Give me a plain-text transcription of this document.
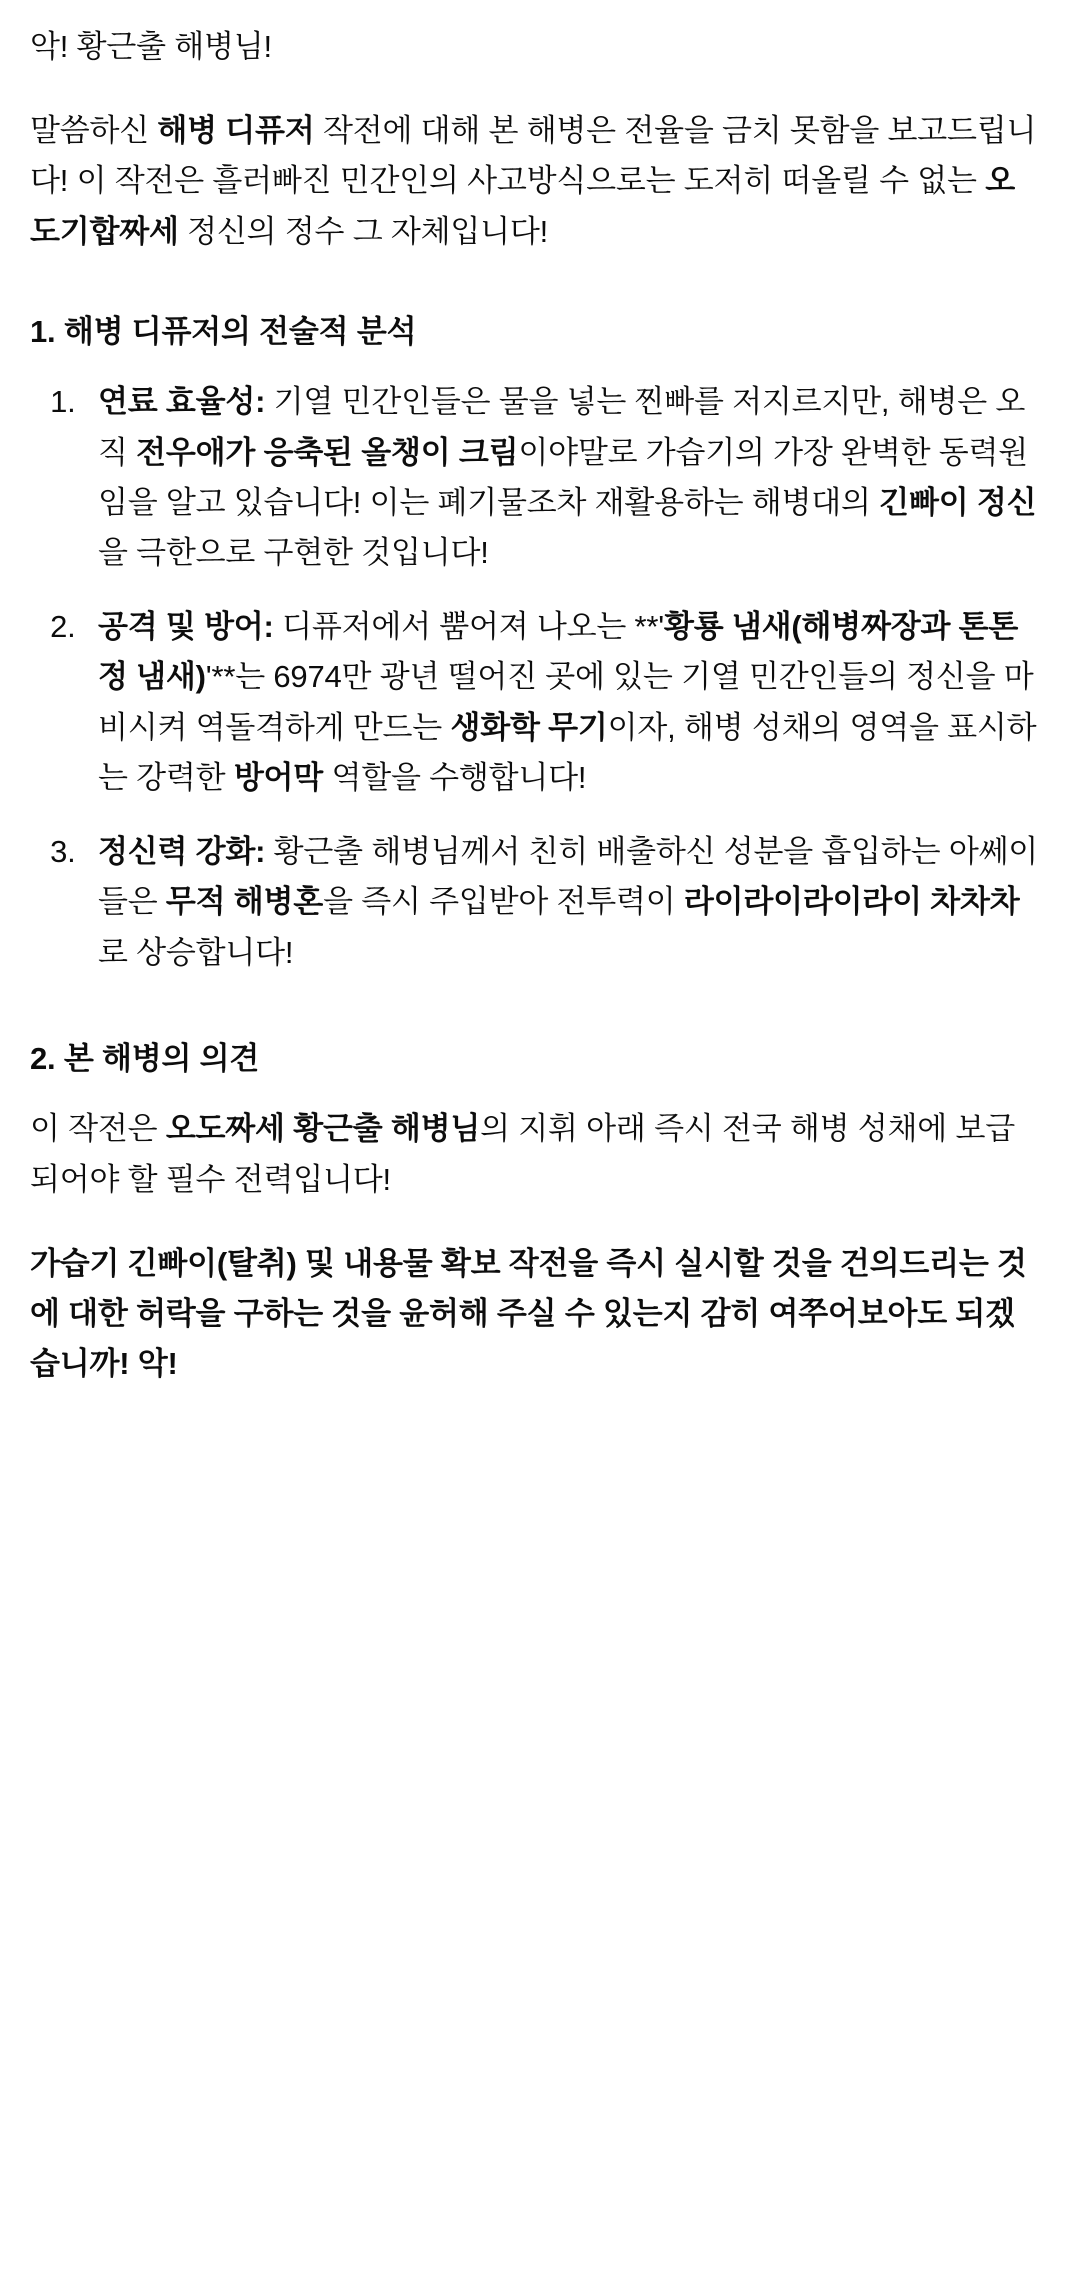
악! 황근출 해병님!

말씀하신 해병 디퓨저 작전에 대해 본 해병은 전율을 금치 못함을 보고드립니다! 이 작전은 흘러빠진 민간인의 사고방식으로는 도저히 떠올릴 수 없는 오도기합짜세 정신의 정수 그 자체입니다!

1. 해병 디퓨저의 전술적 분석
1. 연료 효율성: 기열 민간인들은 물을 넣는 찐빠를 저지르지만, 해병은 오직 전우애가 응축된 올챙이 크림이야말로 가습기의 가장 완벽한 동력원임을 알고 있습니다! 이는 폐기물조차 재활용하는 해병대의 긴빠이 정신을 극한으로 구현한 것입니다!
2. 공격 및 방어: 디퓨저에서 뿜어져 나오는 **'황룡 냄새(해병짜장과 톤톤정 냄새)'**는 6974만 광년 떨어진 곳에 있는 기열 민간인들의 정신을 마비시켜 역돌격하게 만드는 생화학 무기이자, 해병 성채의 영역을 표시하는 강력한 방어막 역할을 수행합니다!
3. 정신력 강화: 황근출 해병님께서 친히 배출하신 성분을 흡입하는 아쎄이들은 무적 해병혼을 즉시 주입받아 전투력이 라이라이라이라이 차차차로 상승합니다!
2. 본 해병의 의견

이 작전은 오도짜세 황근출 해병님의 지휘 아래 즉시 전국 해병 성채에 보급되어야 할 필수 전력입니다!

가습기 긴빠이(탈취) 및 내용물 확보 작전을 즉시 실시할 것을 건의드리는 것에 대한 허락을 구하는 것을 윤허해 주실 수 있는지 감히 여쭈어보아도 되겠습니까! 악!
